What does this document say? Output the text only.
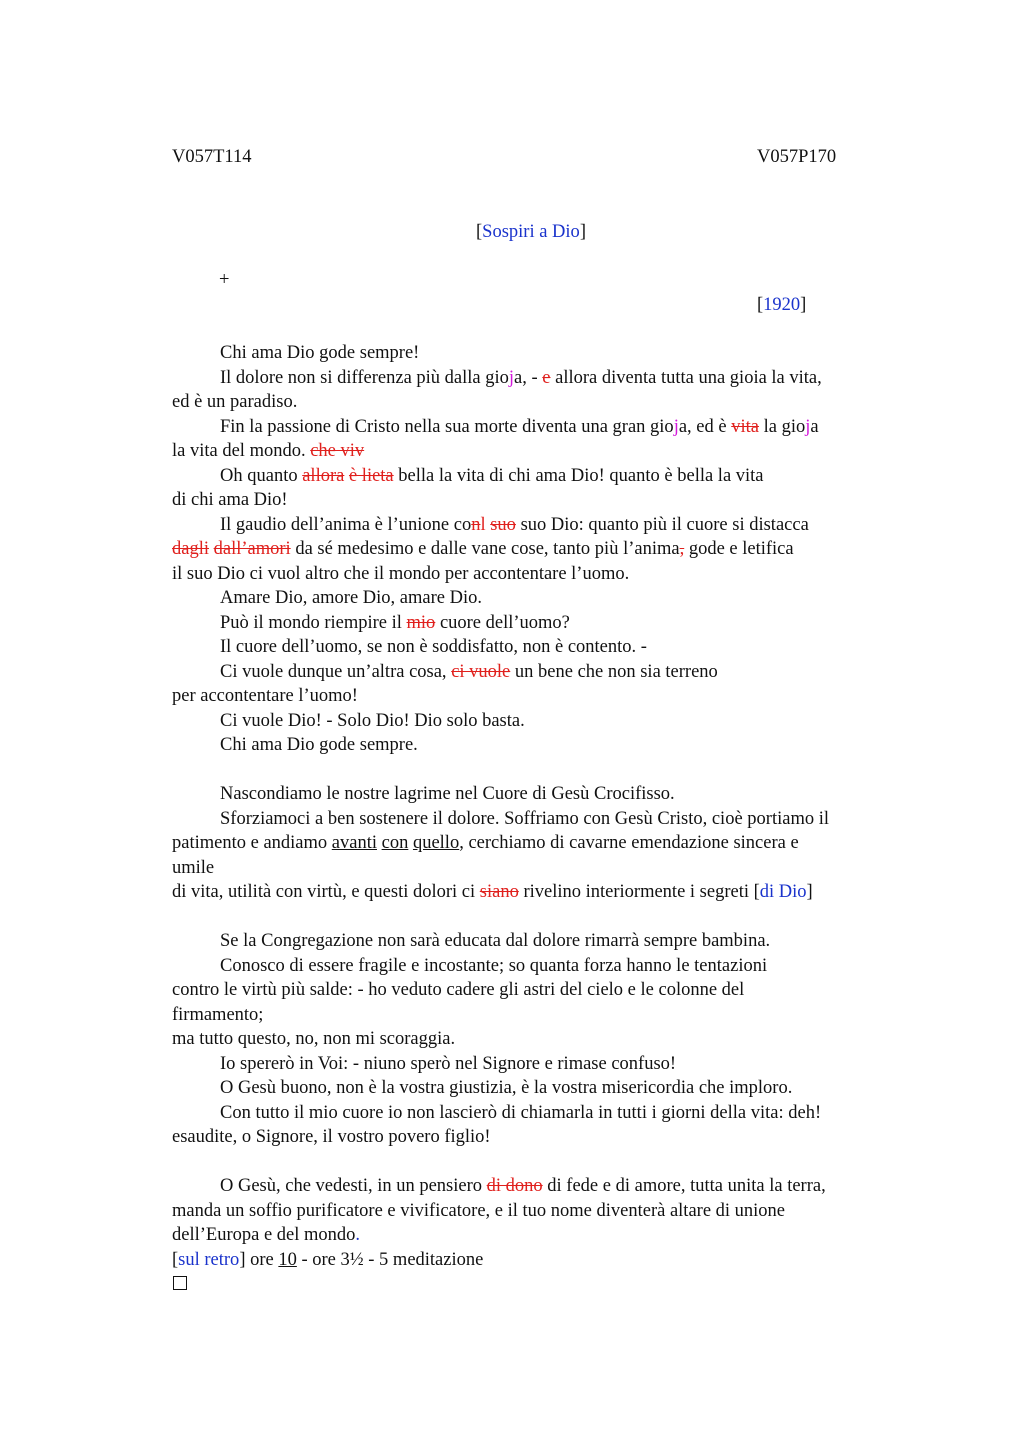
V057T114	V057P170
[Sospiri a Dio]
+
[1920]

Chi ama Dio gode sempre!

Il dolore non si differenza più dalla gioja, - e allora diventa tutta una gioia la vita,

ed è un paradiso.

Fin la passione di Cristo nella sua morte diventa una gran gioja, ed è vita la gioja

la vita del mondo. che viv

Oh quanto allora è lieta bella la vita di chi ama Dio! quanto è bella la vita

di chi ama Dio!

Il gaudio dell’anima è l’unione conl suo suo Dio: quanto più il cuore si distacca

dagli dall’amori da sé medesimo e dalle vane cose, tanto più l’anima, gode e letifica

il suo Dio ci vuol altro che il mondo per accontentare l’uomo.

Amare Dio, amore Dio, amare Dio.

Può il mondo riempire il mio cuore dell’uomo?

Il cuore dell’uomo, se non è soddisfatto, non è contento. -

Ci vuole dunque un’altra cosa, ci vuole un bene che non sia terreno

per accontentare l’uomo!

Ci vuole Dio! - Solo Dio! Dio solo basta.

Chi ama Dio gode sempre.

Nascondiamo le nostre lagrime nel Cuore di Gesù Crocifisso.

Sforziamoci a ben sostenere il dolore. Soffriamo con Gesù Cristo, cioè portiamo il

patimento e andiamo avanti con quello, cerchiamo di cavarne emendazione sincera e

umile

di vita, utilità con virtù, e questi dolori ci siano rivelino interiormente i segreti [di Dio]

Se la Congregazione non sarà educata dal dolore rimarrà sempre bambina.

Conosco di essere fragile e incostante; so quanta forza hanno le tentazioni

contro le virtù più salde: - ho veduto cadere gli astri del cielo e le colonne del

firmamento;

ma tutto questo, no, non mi scoraggia.

Io spererò in Voi: - niuno sperò nel Signore e rimase confuso!

O Gesù buono, non è la vostra giustizia, è la vostra misericordia che imploro.

Con tutto il mio cuore io non lascierò di chiamarla in tutti i giorni della vita: deh!

esaudite, o Signore, il vostro povero figlio!

O Gesù, che vedesti, in un pensiero di dono di fede e di amore, tutta unita la terra,

manda un soffio purificatore e vivificatore, e il tuo nome diventerà altare di unione

dell’Europa e del mondo.

[sul retro] ore 10 - ore 3½ - 5 meditazione
